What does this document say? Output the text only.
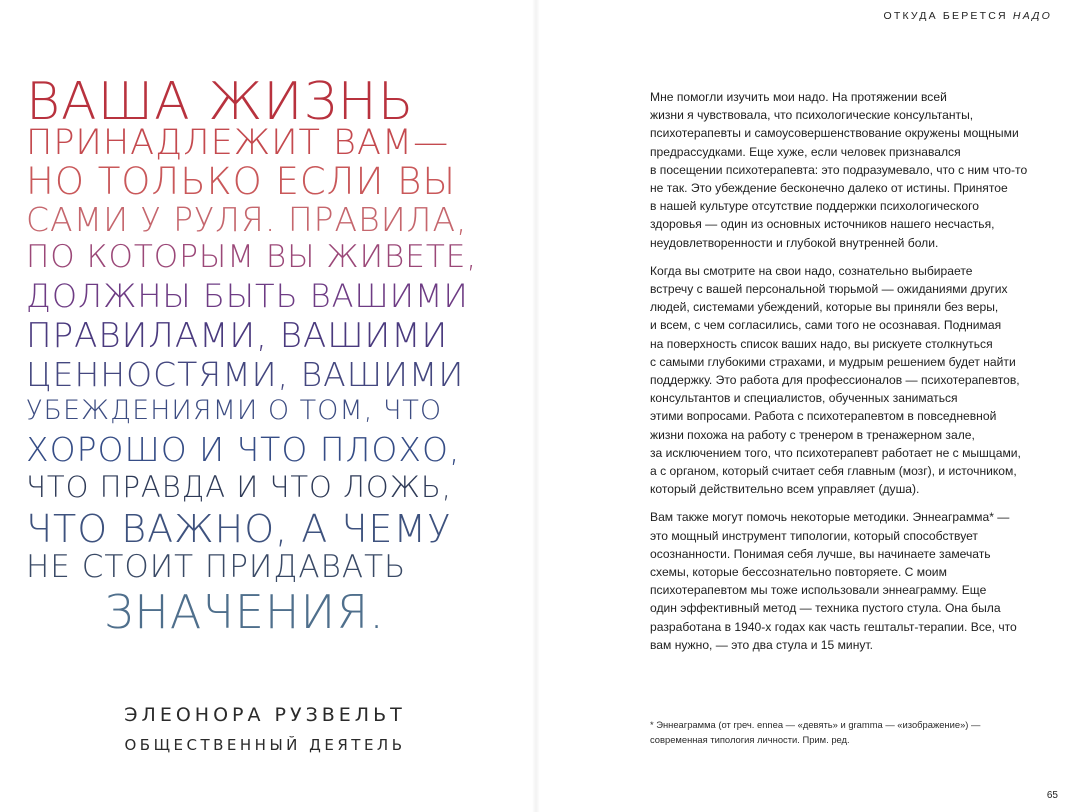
ВАША ЖИЗНЬ
ПРИНАДЛЕЖИТ ВАМ—
НО ТОЛЬКО ЕСЛИ ВЫ
САМИ У РУЛЯ. ПРАВИЛА,
ПО КОТОРЫМ ВЫ ЖИВЕТЕ,
ДОЛЖНЫ БЫТЬ ВАШИМИ
ПРАВИЛАМИ, ВАШИМИ
ЦЕННОСТЯМИ, ВАШИМИ
УБЕЖДЕНИЯМИ О ТОМ, ЧТО
ХОРОШО И ЧТО ПЛОХО,
ЧТО ПРАВДА И ЧТО ЛОЖЬ,
ЧТО ВАЖНО, А ЧЕМУ
НЕ СТОИТ ПРИДАВАТЬ
ЗНАЧЕНИЯ.
ЭЛЕОНОРА РУЗВЕЛЬТ
ОБЩЕСТВЕННЫЙ ДЕЯТЕЛЬ
ОТКУДА БЕРЕТСЯ НАДО

Мне помогли изучить мои надо. На протяжении всей
жизни я чувствовала, что психологические консультанты,
психотерапевты и самоусовершенствование окружены мощными
предрассудками. Еще хуже, если человек признавался
в посещении психотерапевта: это подразумевало, что с ним что-то
не так. Это убеждение бесконечно далеко от истины. Принятое
в нашей культуре отсутствие поддержки психологического
здоровья — один из основных источников нашего несчастья,
неудовлетворенности и глубокой внутренней боли.

Когда вы смотрите на свои надо, сознательно выбираете
встречу с вашей персональной тюрьмой — ожиданиями других
людей, системами убеждений, которые вы приняли без веры,
и всем, с чем согласились, сами того не осознавая. Поднимая
на поверхность список ваших надо, вы рискуете столкнуться
с самыми глубокими страхами, и мудрым решением будет найти
поддержку. Это работа для профессионалов — психотерапевтов,
консультантов и специалистов, обученных заниматься
этими вопросами. Работа с психотерапевтом в повседневной
жизни похожа на работу с тренером в тренажерном зале,
за исключением того, что психотерапевт работает не с мышцами,
а с органом, который считает себя главным (мозг), и источником,
который действительно всем управляет (душа).

Вам также могут помочь некоторые методики. Эннеаграмма* —
это мощный инструмент типологии, который способствует
осознанности. Понимая себя лучше, вы начинаете замечать
схемы, которые бессознательно повторяете. С моим
психотерапевтом мы тоже использовали эннеаграмму. Еще
один эффективный метод — техника пустого стула. Она была
разработана в 1940-х годах как часть гештальт-терапии. Все, что
вам нужно, — это два стула и 15 минут.

* Эннеаграмма (от греч. ennea — «девять» и gramma — «изображение») —
современная типология личности. Прим. ред.
65
